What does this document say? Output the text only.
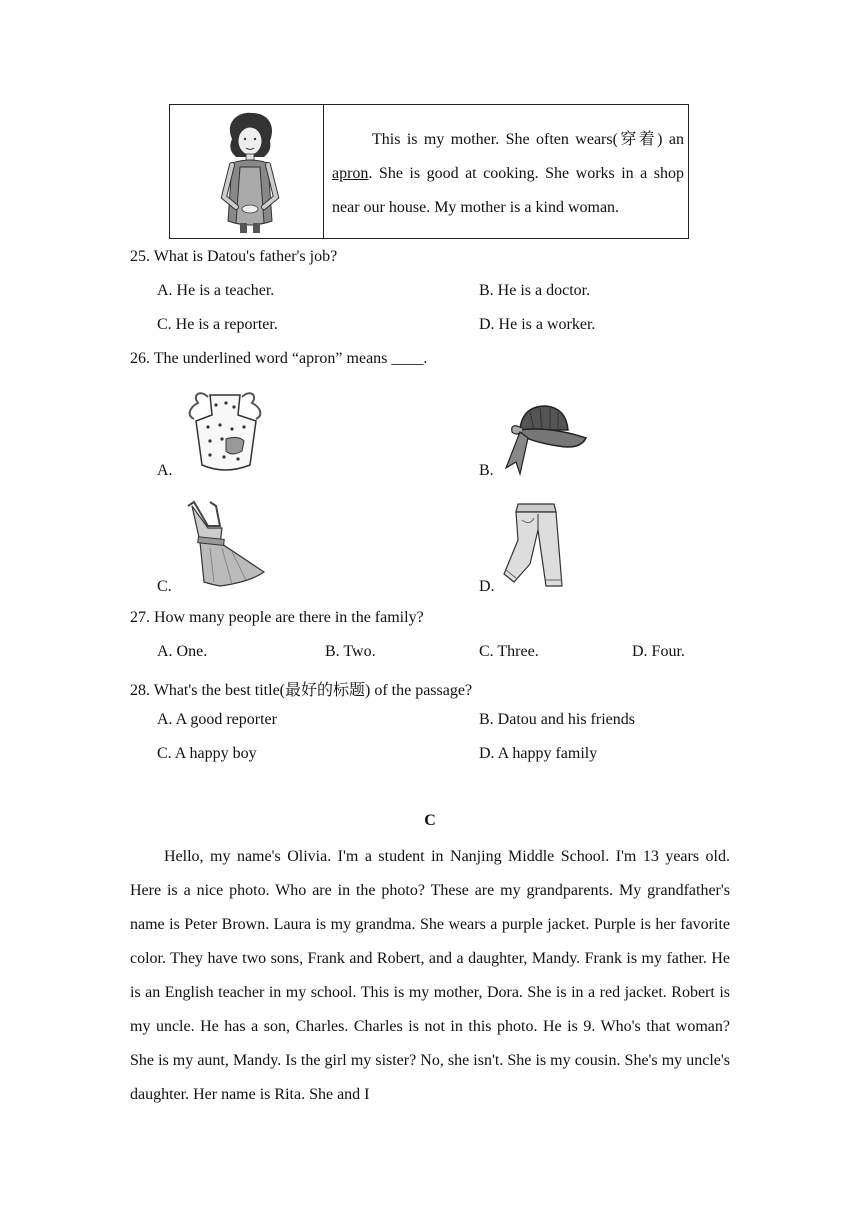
This is my mother. She often wears(穿着) an apron. She is good at cooking. She works in a shop near our house. My mother is a kind woman.
25. What is Datou's father's job?
A. He is a teacher.	B. He is a doctor.
C. He is a reporter.	D. He is a worker.
26. The underlined word “apron” means ____.
A.	B.
C.	D.
27. How many people are there in the family?
A. One.	B. Two.	C. Three.	D. Four.
28. What's the best title(最好的标题) of the passage?
A. A good reporter	B. Datou and his friends
C. A happy boy	D. A happy family
C
Hello, my name's Olivia. I'm a student in Nanjing Middle School. I'm 13 years old. Here is a nice photo. Who are in the photo? These are my grandparents. My grandfather's name is Peter Brown. Laura is my grandma. She wears a purple jacket. Purple is her favorite color. They have two sons, Frank and Robert, and a daughter, Mandy. Frank is my father. He is an English teacher in my school. This is my mother, Dora. She is in a red jacket. Robert is my uncle. He has a son, Charles. Charles is not in this photo. He is 9. Who's that woman? She is my aunt, Mandy. Is the girl my sister? No, she isn't. She is my cousin. She's my uncle's daughter. Her name is Rita. She and I
